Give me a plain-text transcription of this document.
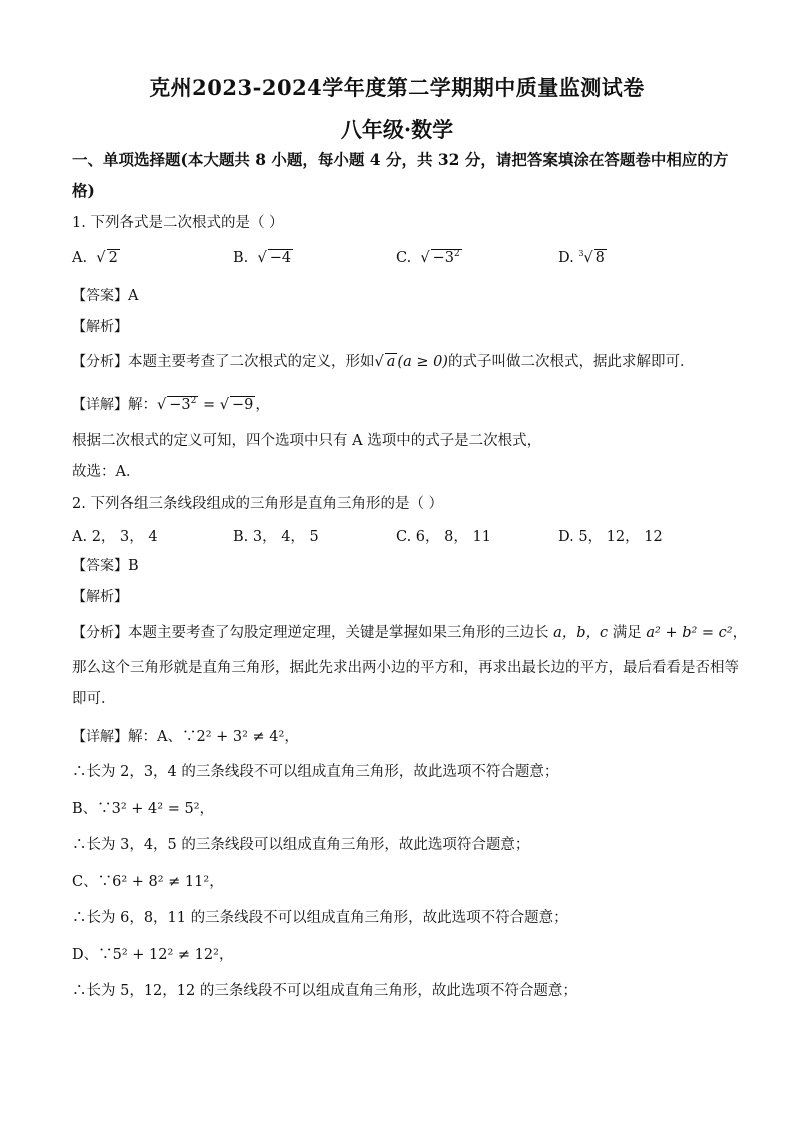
克州2023-2024学年度第二学期期中质量监测试卷
八年级·数学
一、单项选择题(本大题共 8 小题，每小题 4 分，共 32 分，请把答案填涂在答题卷中相应的方
格)
1. 下列各式是二次根式的是（ ）
A.  √ 2	B.  √ −4	C.  √ $-3^2$	D. $^3$√ 8
【答案】A
【解析】
【分析】本题主要考查了二次根式的定义，形如√ a (a ≥ 0)的式子叫做二次根式，据此求解即可．
【详解】解：√ $-3^2$ = √ −9 ，
根据二次根式的定义可知，四个选项中只有 A 选项中的式子是二次根式，
故选：A．
2. 下列各组三条线段组成的三角形是直角三角形的是（ ）
A. 2， 3， 4	B. 3， 4， 5	C. 6， 8， 11	D. 5， 12， 12
【答案】B
【解析】
【分析】本题主要考查了勾股定理逆定理，关键是掌握如果三角形的三边长 a，b，c 满足 a² + b² = c²，
那么这个三角形就是直角三角形，据此先求出两小边的平方和，再求出最长边的平方，最后看看是否相等
即可．
【详解】解：A、∵2² + 3² ≠ 4²，
∴长为 2，3，4 的三条线段不可以组成直角三角形，故此选项不符合题意；
B、∵3² + 4² = 5²，
∴长为 3，4，5 的三条线段可以组成直角三角形，故此选项符合题意；
C、∵6² + 8² ≠ 11²，
∴长为 6，8，11 的三条线段不可以组成直角三角形，故此选项不符合题意；
D、∵5² + 12² ≠ 12²，
∴长为 5，12，12 的三条线段不可以组成直角三角形，故此选项不符合题意；
